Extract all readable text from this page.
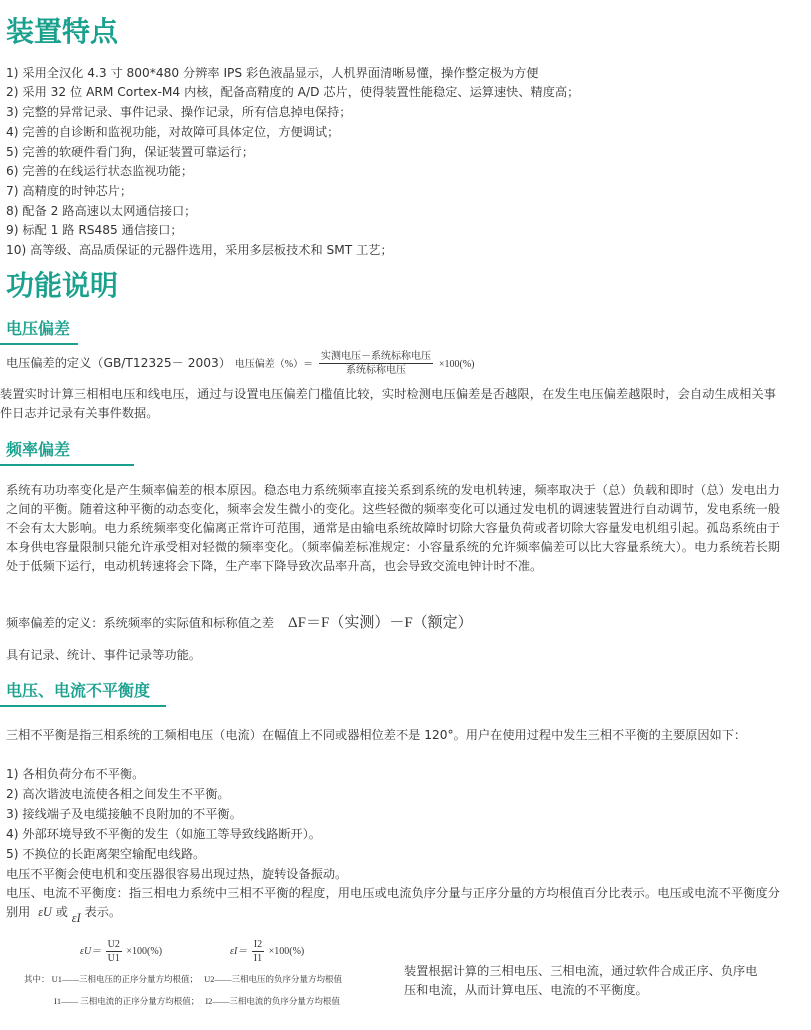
装置特点
1) 采用全汉化 4.3 寸 800*480 分辨率 IPS 彩色液晶显示，人机界面清晰易懂，操作整定极为方便
2) 采用 32 位 ARM Cortex-M4 内核，配备高精度的 A/D 芯片，使得装置性能稳定、运算速快、精度高；
3) 完整的异常记录、事件记录、操作记录，所有信息掉电保持；
4) 完善的自诊断和监视功能，对故障可具体定位，方便调试；
5) 完善的软硬件看门狗，保证装置可靠运行；
6) 完善的在线运行状态监视功能；
7) 高精度的时钟芯片；
8) 配备 2 路高速以太网通信接口；
9) 标配 1 路 RS485 通信接口；
10) 高等级、高品质保证的元器件选用，采用多层板技术和 SMT 工艺；
功能说明
电压偏差
电压偏差的定义（GB/T12325－ 2003） 电压偏差（%）＝ $\frac{\text{实测电压－系统标称电压}}{\text{系统标称电压}} \times 100(\%)$

装置实时计算三相相电压和线电压，通过与设置电压偏差门槛值比较，实时检测电压偏差是否越限，在发生电压偏差越限时，会自动生成相关事件日志并记录有关事件数据。

频率偏差

系统有功功率变化是产生频率偏差的根本原因。稳态电力系统频率直接关系到系统的发电机转速，频率取决于（总）负载和即时（总）发电出力之间的平衡。随着这种平衡的动态变化，频率会发生微小的变化。这些轻微的频率变化可以通过发电机的调速装置进行自动调节，发电系统一般不会有太大影响。电力系统频率变化偏离正常许可范围，通常是由输电系统故障时切除大容量负荷或者切除大容量发电机组引起。孤岛系统由于本身供电容量限制只能允许承受相对轻微的频率变化。（频率偏差标准规定：小容量系统的允许频率偏差可以比大容量系统大）。电力系统若长期处于低频下运行，电动机转速将会下降，生产率下降导致次品率升高，也会导致交流电钟计时不准。

频率偏差的定义：系统频率的实际值和标称值之差 ΔF＝F（实测）－F（额定）
具有记录、统计、事件记录等功能。
电压、电流不平衡度

三相不平衡是指三相系统的工频相电压（电流）在幅值上不同或器相位差不是 120°。用户在使用过程中发生三相不平衡的主要原因如下：

1) 各相负荷分布不平衡。
2) 高次谐波电流使各相之间发生不平衡。
3) 接线端子及电缆接触不良附加的不平衡。
4) 外部环境导致不平衡的发生（如施工等导致线路断开）。
5) 不换位的长距离架空输配电线路。
电压不平衡会使电机和变压器很容易出现过热，旋转设备振动。

电压、电流不平衡度：指三相电力系统中三相不平衡的程度，用电压或电流负序分量与正序分量的方均根值百分比表示。电压或电流不平衡度分别用 εU 或 εI 表示。

$\varepsilon U= \frac{U2}{U1} \times 100(\%)$	$\varepsilon I= \frac{I2}{I1} \times 100(\%)$
其中： U1——三相电压的正序分量方均根值； U2——三相电压的负序分量方均根值
I1—— 三相电流的正序分量方均根值； I2——三相电流的负序分量方均根值

装置根据计算的三相电压、三相电流，通过软件合成正序、负序电压和电流，从而计算电压、电流的不平衡度。
